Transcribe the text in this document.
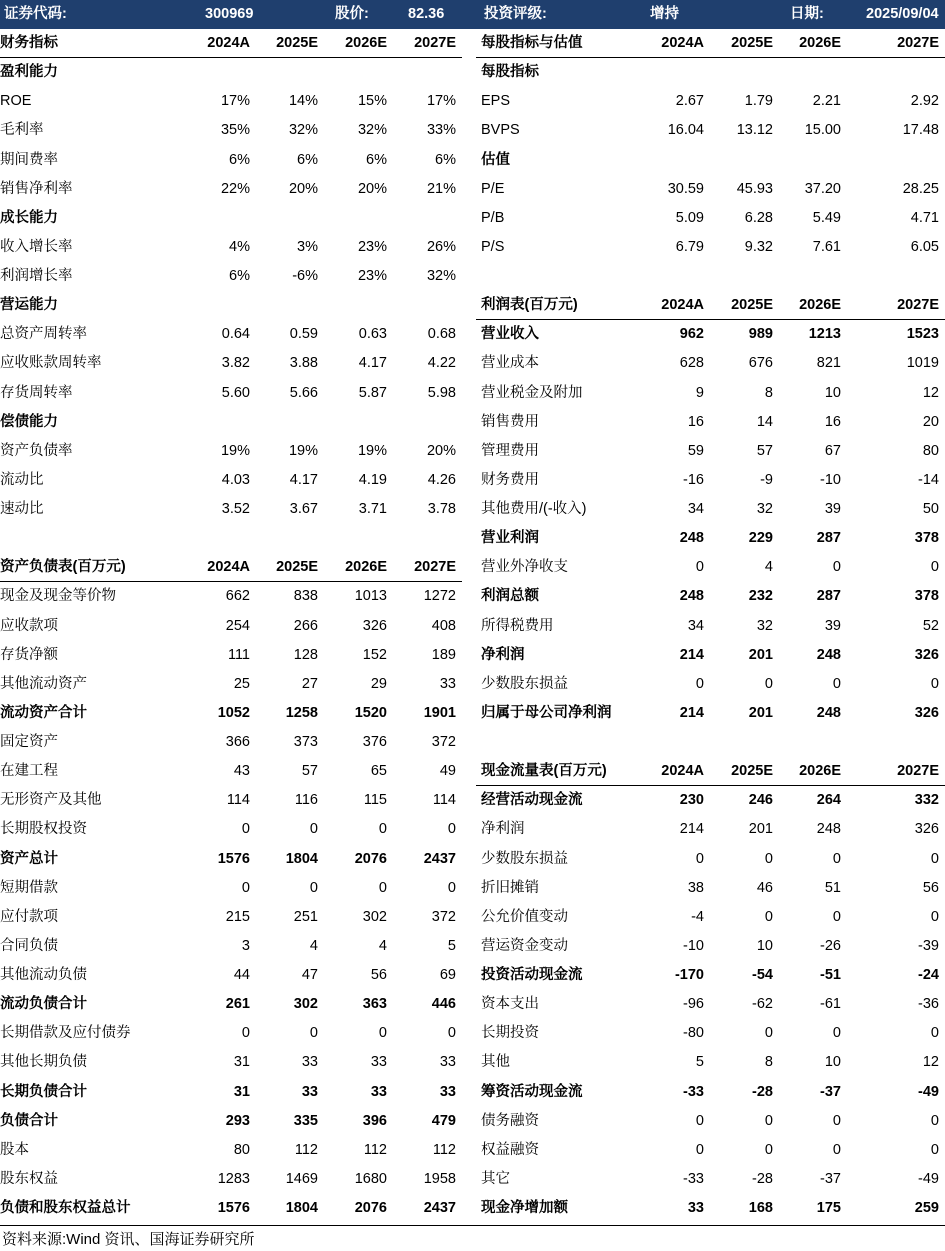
证券代码:	300969	股价:	82.36	投资评级:	增持	日期:	2025/09/04
财务指标	2024A	2025E	2026E	2027E
盈利能力
ROE	17%	14%	15%	17%
毛利率	35%	32%	32%	33%
期间费率	6%	6%	6%	6%
销售净利率	22%	20%	20%	21%
成长能力
收入增长率	4%	3%	23%	26%
利润增长率	6%	-6%	23%	32%
营运能力
总资产周转率	0.64	0.59	0.63	0.68
应收账款周转率	3.82	3.88	4.17	4.22
存货周转率	5.60	5.66	5.87	5.98
偿债能力
资产负债率	19%	19%	19%	20%
流动比	4.03	4.17	4.19	4.26
速动比	3.52	3.67	3.71	3.78
资产负债表(百万元)	2024A	2025E	2026E	2027E
现金及现金等价物	662	838	1013	1272
应收款项	254	266	326	408
存货净额	111	128	152	189
其他流动资产	25	27	29	33
流动资产合计	1052	1258	1520	1901
固定资产	366	373	376	372
在建工程	43	57	65	49
无形资产及其他	114	116	115	114
长期股权投资	0	0	0	0
资产总计	1576	1804	2076	2437
短期借款	0	0	0	0
应付款项	215	251	302	372
合同负债	3	4	4	5
其他流动负债	44	47	56	69
流动负债合计	261	302	363	446
长期借款及应付债券	0	0	0	0
其他长期负债	31	33	33	33
长期负债合计	31	33	33	33
负债合计	293	335	396	479
股本	80	112	112	112
股东权益	1283	1469	1680	1958
负债和股东权益总计	1576	1804	2076	2437
每股指标与估值	2024A	2025E	2026E	2027E
每股指标
EPS	2.67	1.79	2.21	2.92
BVPS	16.04	13.12	15.00	17.48
估值
P/E	30.59	45.93	37.20	28.25
P/B	5.09	6.28	5.49	4.71
P/S	6.79	9.32	7.61	6.05
利润表(百万元)	2024A	2025E	2026E	2027E
营业收入	962	989	1213	1523
营业成本	628	676	821	1019
营业税金及附加	9	8	10	12
销售费用	16	14	16	20
管理费用	59	57	67	80
财务费用	-16	-9	-10	-14
其他费用/(-收入)	34	32	39	50
营业利润	248	229	287	378
营业外净收支	0	4	0	0
利润总额	248	232	287	378
所得税费用	34	32	39	52
净利润	214	201	248	326
少数股东损益	0	0	0	0
归属于母公司净利润	214	201	248	326
现金流量表(百万元)	2024A	2025E	2026E	2027E
经营活动现金流	230	246	264	332
净利润	214	201	248	326
少数股东损益	0	0	0	0
折旧摊销	38	46	51	56
公允价值变动	-4	0	0	0
营运资金变动	-10	10	-26	-39
投资活动现金流	-170	-54	-51	-24
资本支出	-96	-62	-61	-36
长期投资	-80	0	0	0
其他	5	8	10	12
筹资活动现金流	-33	-28	-37	-49
债务融资	0	0	0	0
权益融资	0	0	0	0
其它	-33	-28	-37	-49
现金净增加额	33	168	175	259
资料来源:Wind 资讯、国海证券研究所
